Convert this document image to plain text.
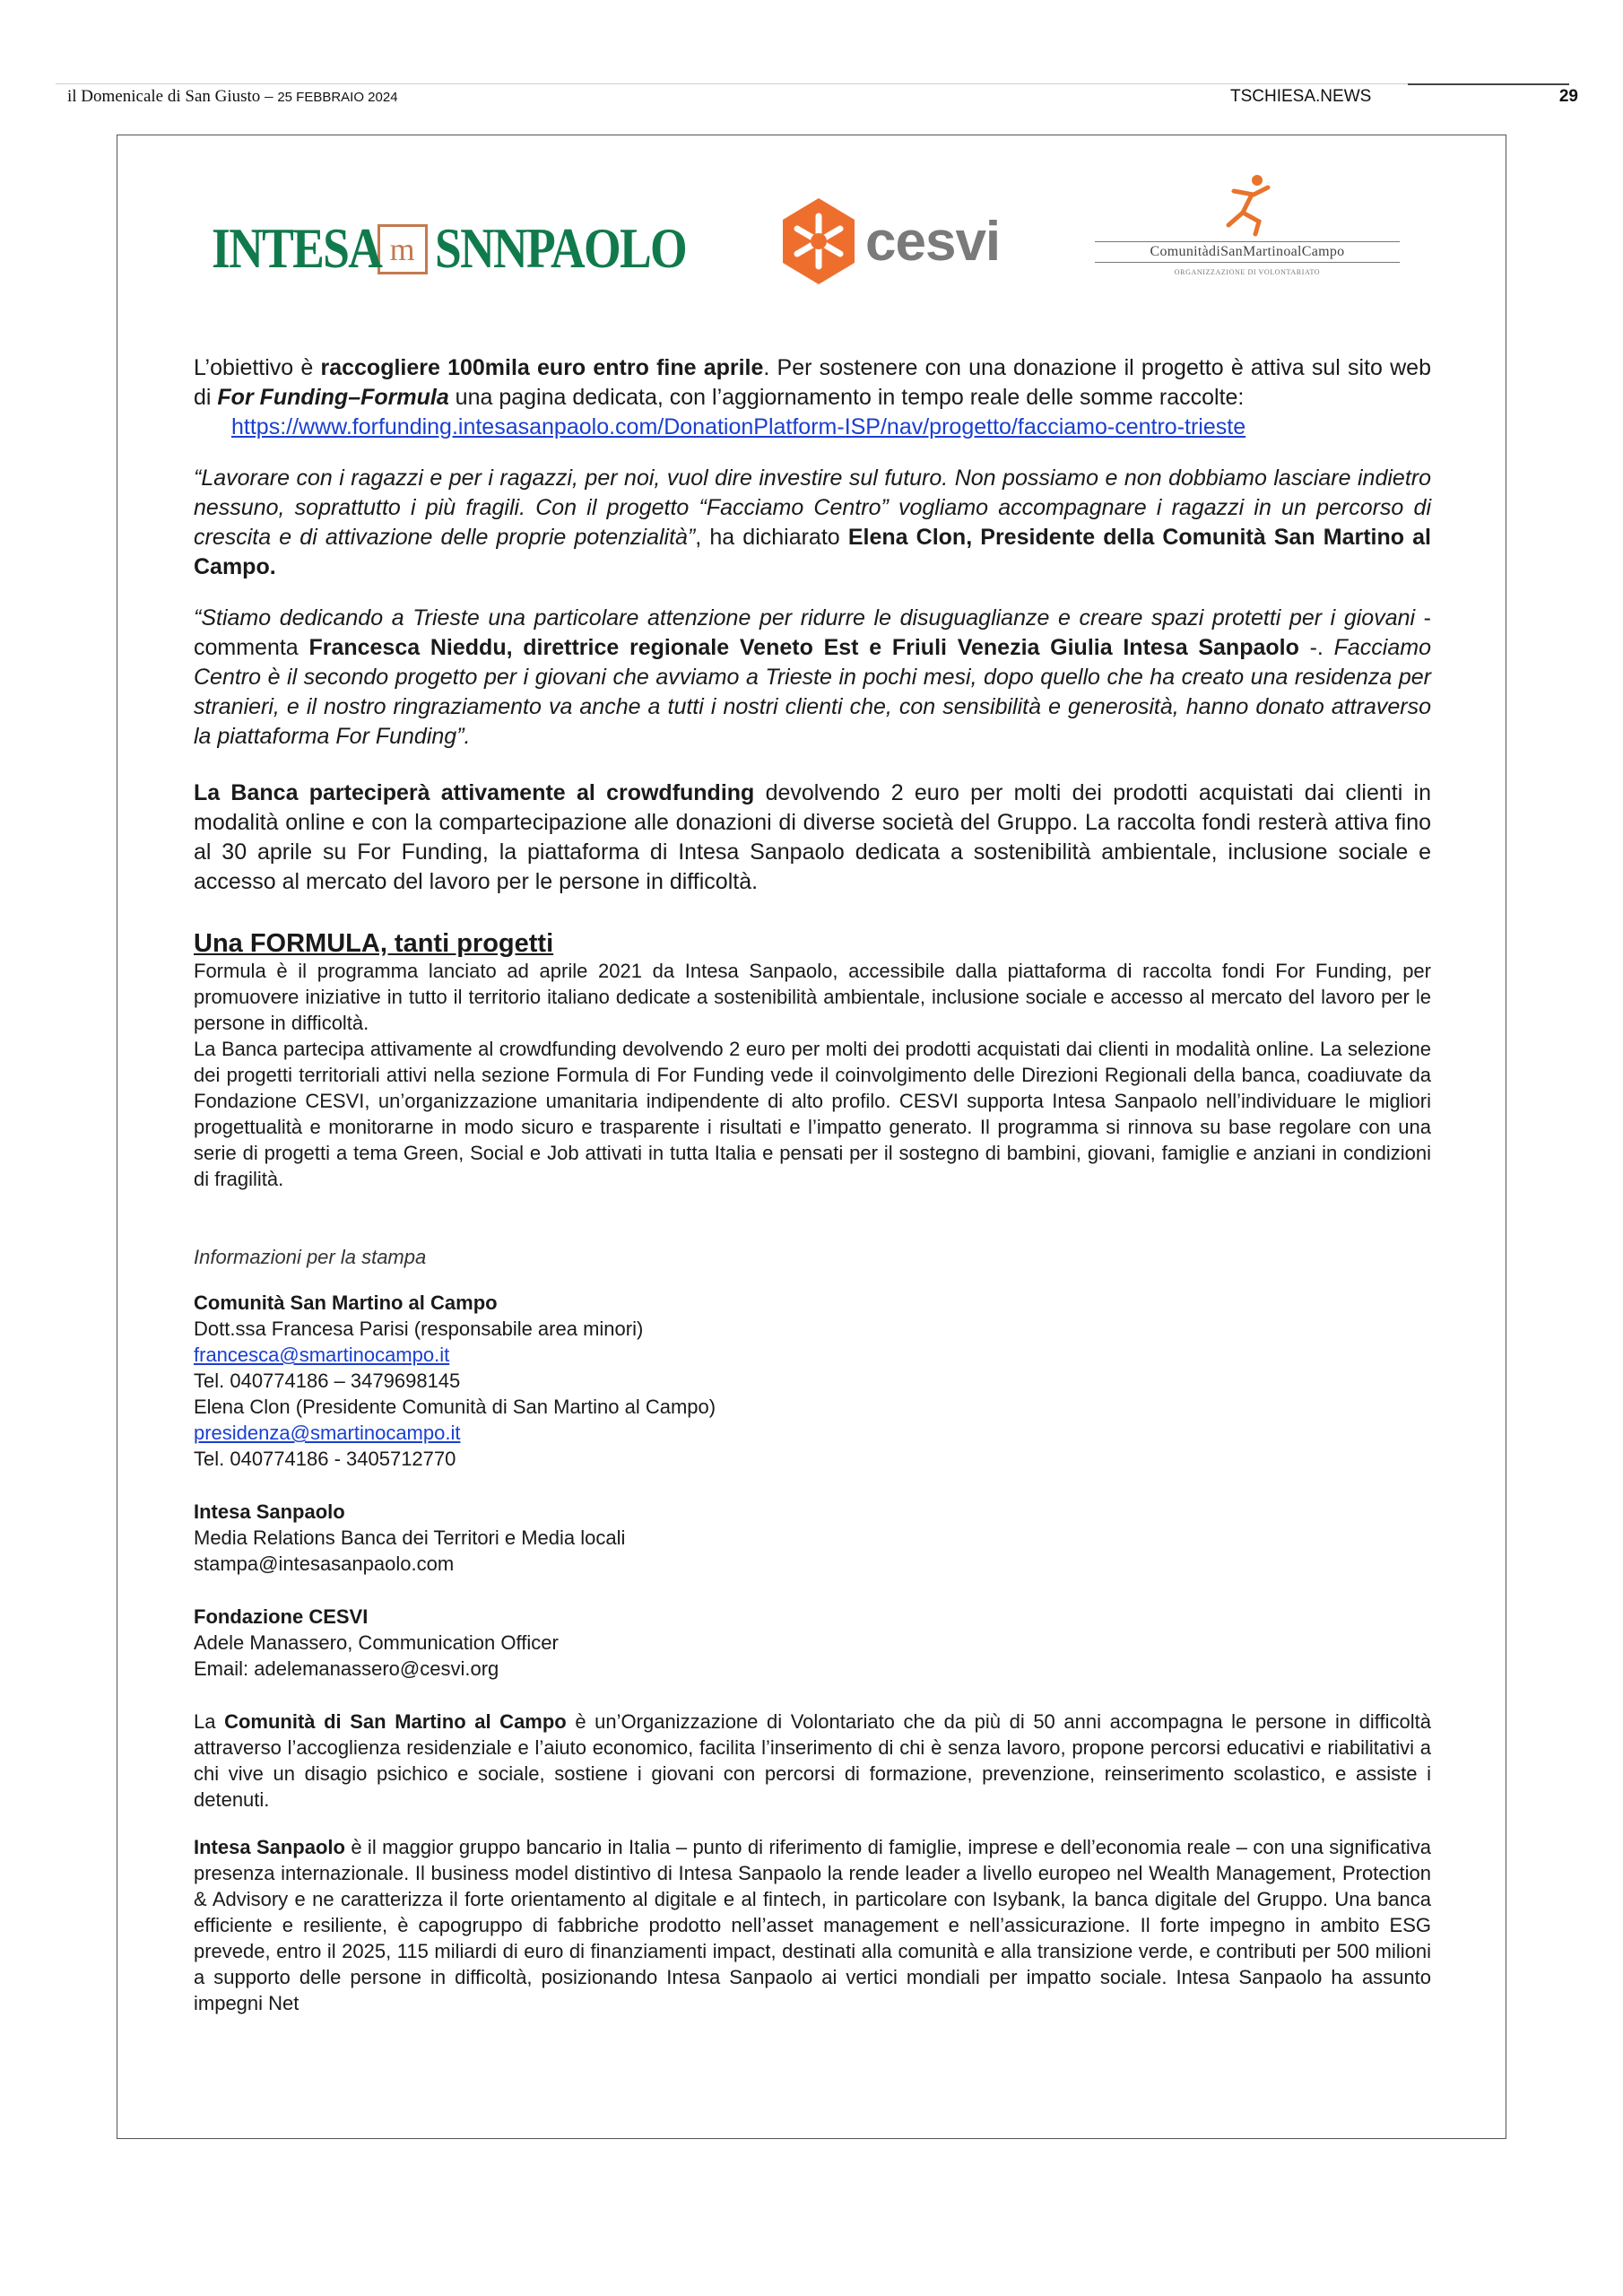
il Domenicale di San Giusto – 25 FEBBRAIO 2024	TSCHIESA.NEWS	29
INTESA m SNNPAOLO	cesvi	ComunitàdiSanMartinoalCampo
ORGANIZZAZIONE DI VOLONTARIATO

L’obiettivo è raccogliere 100mila euro entro fine aprile. Per sostenere con una donazione il progetto è attiva sul sito web di For Funding–Formula una pagina dedicata, con l’aggiornamento in tempo reale delle somme raccolte:

https://www.forfunding.intesasanpaolo.com/DonationPlatform-ISP/nav/progetto/facciamo-centro-trieste

“Lavorare con i ragazzi e per i ragazzi, per noi, vuol dire investire sul futuro. Non possiamo e non dobbiamo lasciare indietro nessuno, soprattutto i più fragili. Con il progetto “Facciamo Centro” vogliamo accompagnare i ragazzi in un percorso di crescita e di attivazione delle proprie potenzialità”, ha dichiarato Elena Clon, Presidente della Comunità San Martino al Campo.

“Stiamo dedicando a Trieste una particolare attenzione per ridurre le disuguaglianze e creare spazi protetti per i giovani - commenta Francesca Nieddu, direttrice regionale Veneto Est e Friuli Venezia Giulia Intesa Sanpaolo -. Facciamo Centro è il secondo progetto per i giovani che avviamo a Trieste in pochi mesi, dopo quello che ha creato una residenza per stranieri, e il nostro ringraziamento va anche a tutti i nostri clienti che, con sensibilità e generosità, hanno donato attraverso la piattaforma For Funding”.

La Banca parteciperà attivamente al crowdfunding devolvendo 2 euro per molti dei prodotti acquistati dai clienti in modalità online e con la compartecipazione alle donazioni di diverse società del Gruppo. La raccolta fondi resterà attiva fino al 30 aprile su For Funding, la piattaforma di Intesa Sanpaolo dedicata a sostenibilità ambientale, inclusione sociale e accesso al mercato del lavoro per le persone in difficoltà.

Una FORMULA, tanti progetti

Formula è il programma lanciato ad aprile 2021 da Intesa Sanpaolo, accessibile dalla piattaforma di raccolta fondi For Funding, per promuovere iniziative in tutto il territorio italiano dedicate a sostenibilità ambientale, inclusione sociale e accesso al mercato del lavoro per le persone in difficoltà.

La Banca partecipa attivamente al crowdfunding devolvendo 2 euro per molti dei prodotti acquistati dai clienti in modalità online. La selezione dei progetti territoriali attivi nella sezione Formula di For Funding vede il coinvolgimento delle Direzioni Regionali della banca, coadiuvate da Fondazione CESVI, un’organizzazione umanitaria indipendente di alto profilo. CESVI supporta Intesa Sanpaolo nell’individuare le migliori progettualità e monitorarne in modo sicuro e trasparente i risultati e l’impatto generato. Il programma si rinnova su base regolare con una serie di progetti a tema Green, Social e Job attivati in tutta Italia e pensati per il sostegno di bambini, giovani, famiglie e anziani in condizioni di fragilità.

Informazioni per la stampa

Comunità San Martino al Campo

Dott.ssa Francesa Parisi (responsabile area minori)

francesca@smartinocampo.it

Tel. 040774186 – 3479698145

Elena Clon (Presidente Comunità di San Martino al Campo)

presidenza@smartinocampo.it

Tel. 040774186 - 3405712770

Intesa Sanpaolo

Media Relations Banca dei Territori e Media locali

stampa@intesasanpaolo.com

Fondazione CESVI

Adele Manassero, Communication Officer

Email: adelemanassero@cesvi.org

La Comunità di San Martino al Campo è un’Organizzazione di Volontariato che da più di 50 anni accompagna le persone in difficoltà attraverso l’accoglienza residenziale e l’aiuto economico, facilita l’inserimento di chi è senza lavoro, propone percorsi educativi e riabilitativi a chi vive un disagio psichico e sociale, sostiene i giovani con percorsi di formazione, prevenzione, reinserimento scolastico, e assiste i detenuti.

Intesa Sanpaolo è il maggior gruppo bancario in Italia – punto di riferimento di famiglie, imprese e dell’economia reale – con una significativa presenza internazionale. Il business model distintivo di Intesa Sanpaolo la rende leader a livello europeo nel Wealth Management, Protection & Advisory e ne caratterizza il forte orientamento al digitale e al fintech, in particolare con Isybank, la banca digitale del Gruppo. Una banca efficiente e resiliente, è capogruppo di fabbriche prodotto nell’asset management e nell’assicurazione. Il forte impegno in ambito ESG prevede, entro il 2025, 115 miliardi di euro di finanziamenti impact, destinati alla comunità e alla transizione verde, e contributi per 500 milioni a supporto delle persone in difficoltà, posizionando Intesa Sanpaolo ai vertici mondiali per impatto sociale. Intesa Sanpaolo ha assunto impegni Net
